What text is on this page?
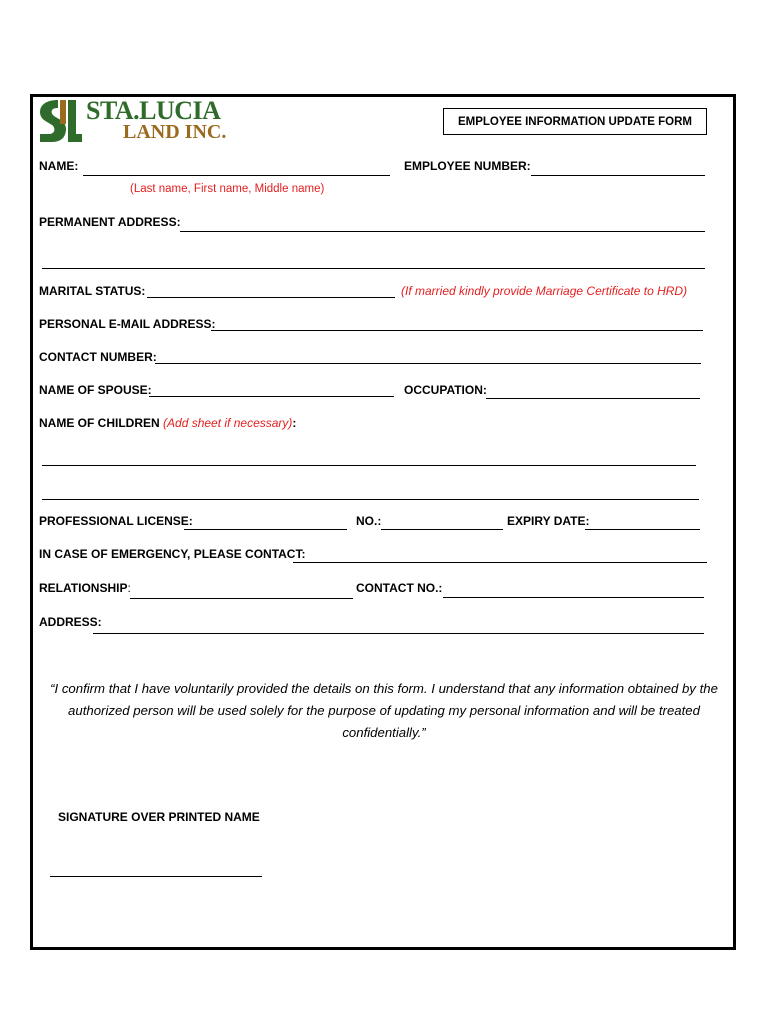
STA.LUCIA
LAND INC.	EMPLOYEE INFORMATION UPDATE FORM
NAME:
(Last name, First name, Middle name)
EMPLOYEE NUMBER:
PERMANENT ADDRESS:
MARITAL STATUS:	(If married kindly provide Marriage Certificate to HRD)
PERSONAL E-MAIL ADDRESS:
CONTACT NUMBER:
NAME OF SPOUSE:	OCCUPATION:
NAME OF CHILDREN (Add sheet if necessary):
PROFESSIONAL LICENSE:	NO.:	EXPIRY DATE:
IN CASE OF EMERGENCY, PLEASE CONTACT:
RELATIONSHIP:	CONTACT NO.:
ADDRESS:
“I confirm that I have voluntarily provided the details on this form. I understand that any information obtained by the authorized person will be used solely for the purpose of updating my personal information and will be treated confidentially.”
SIGNATURE OVER PRINTED NAME
